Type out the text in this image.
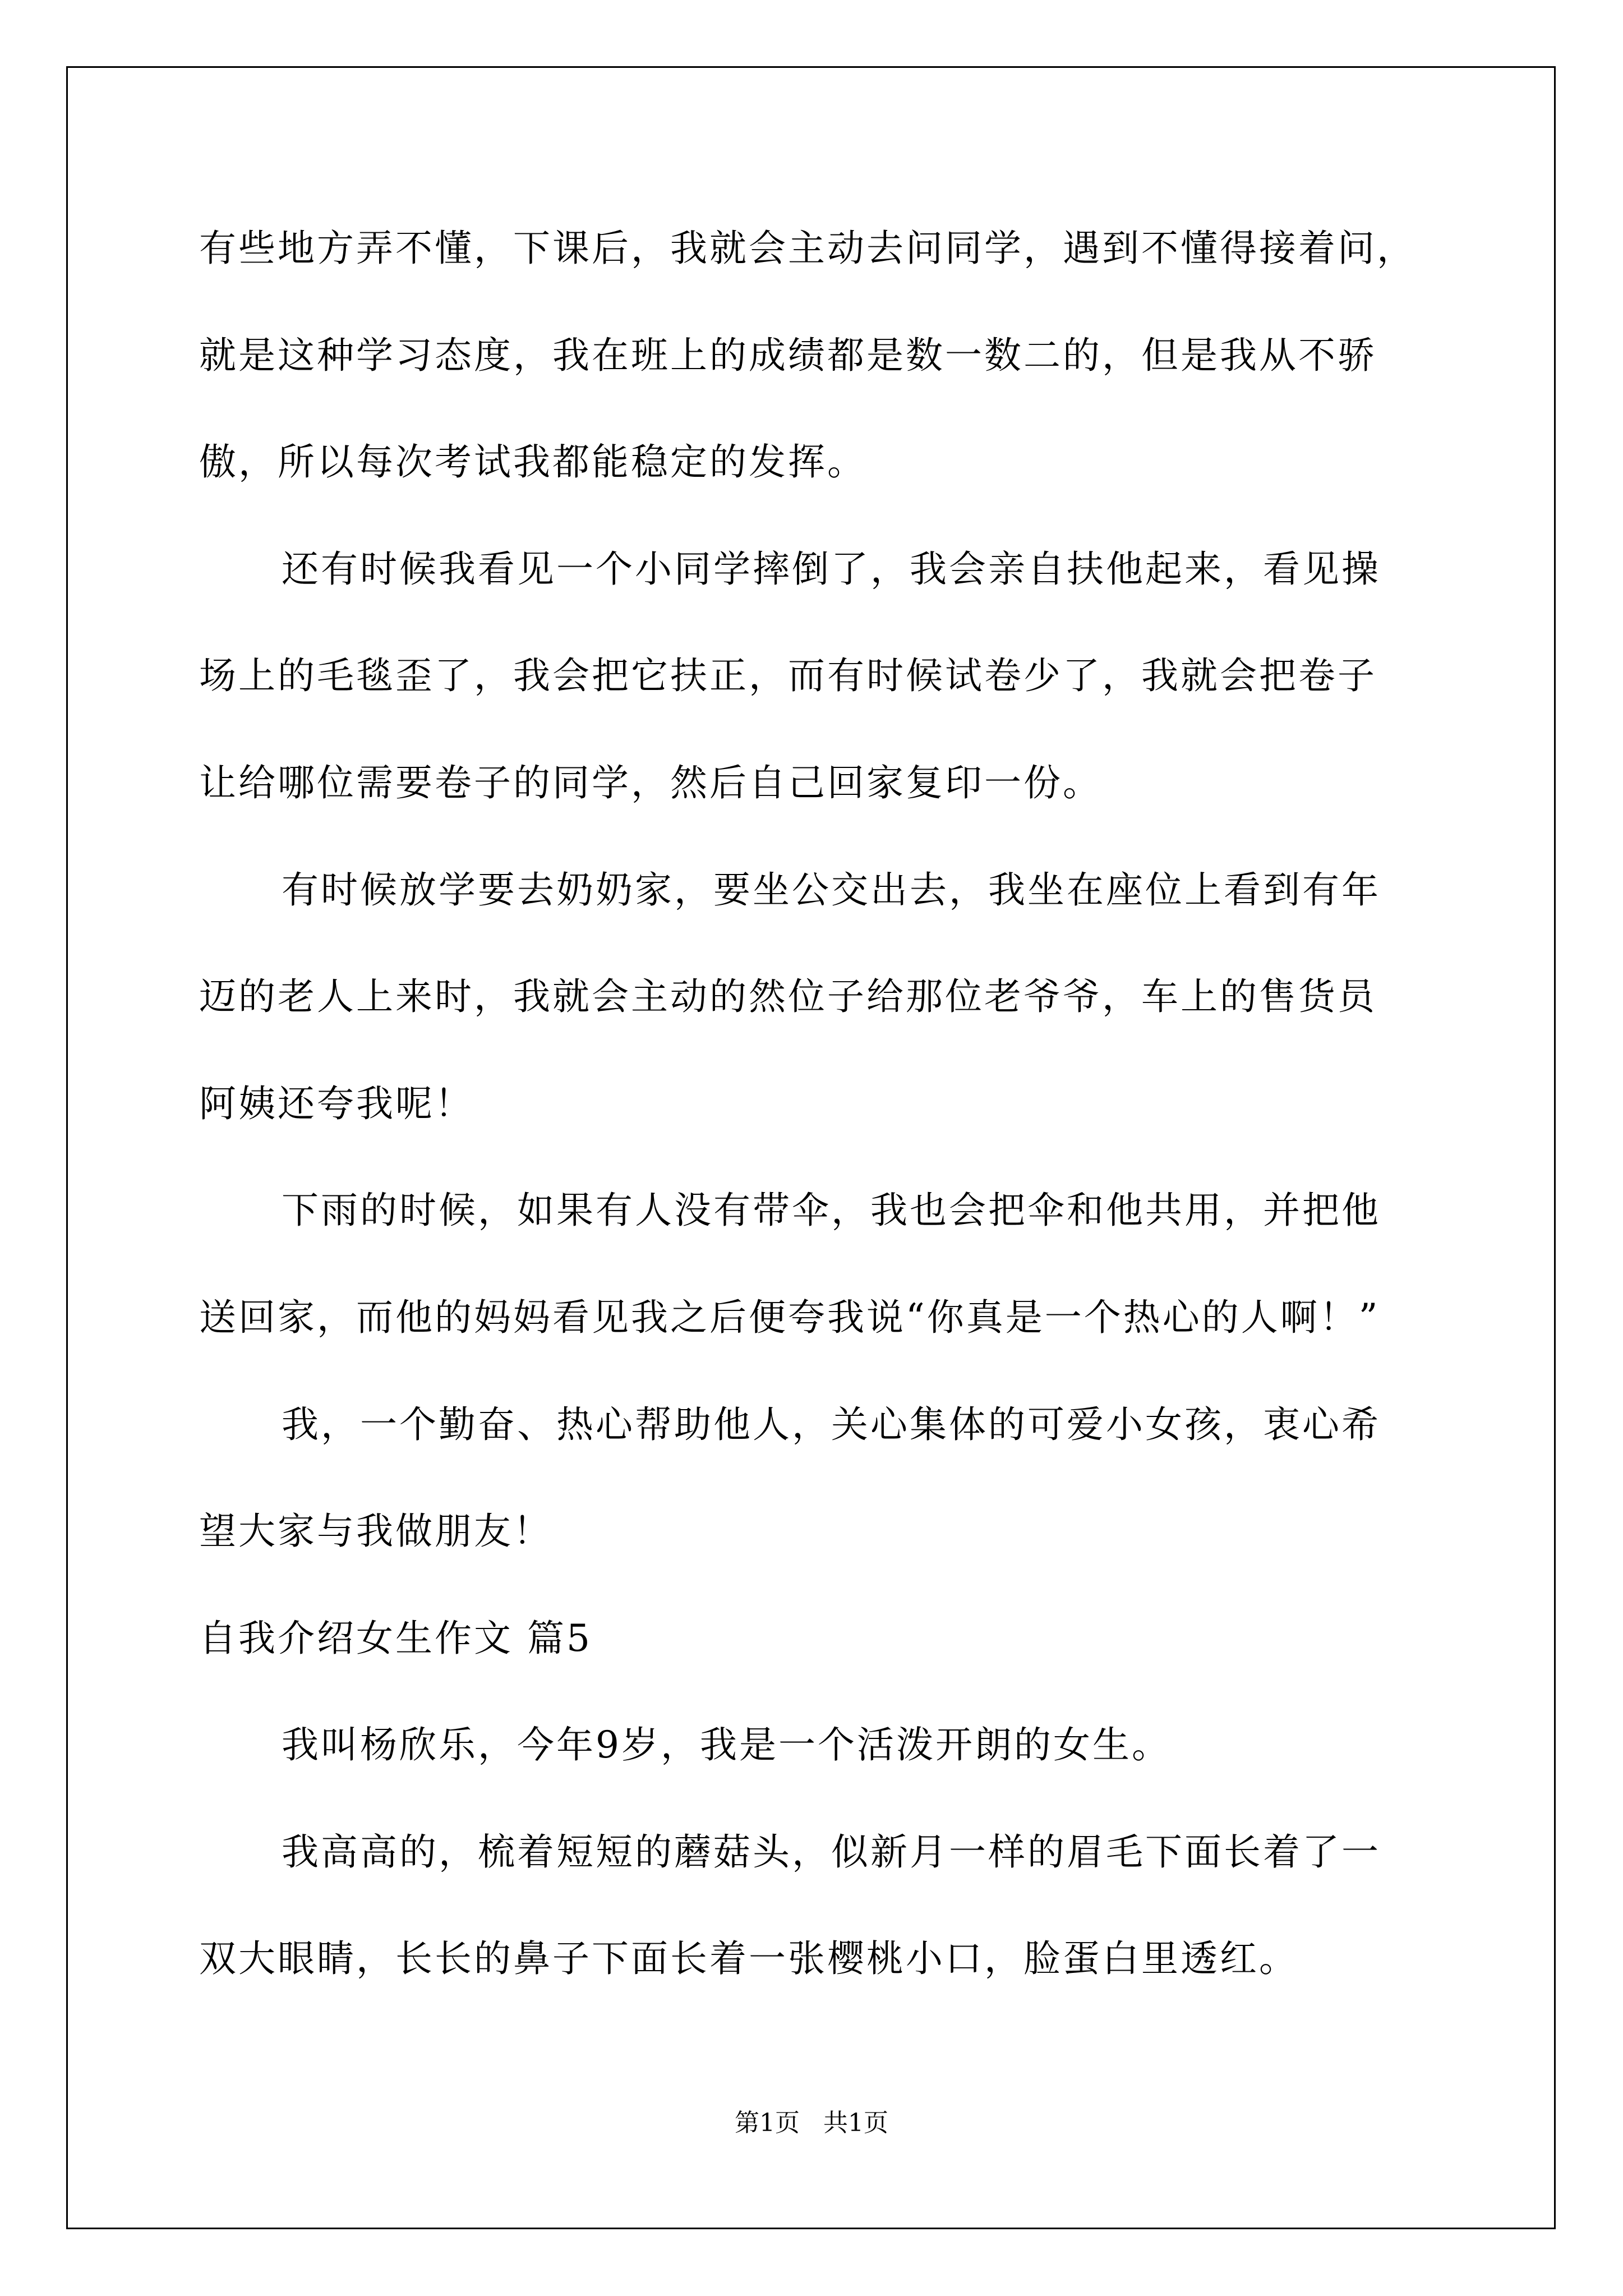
有些地方弄不懂，下课后，我就会主动去问同学，遇到不懂得接着问，

就是这种学习态度，我在班上的成绩都是数一数二的，但是我从不骄

傲，所以每次考试我都能稳定的发挥。

还有时候我看见一个小同学摔倒了，我会亲自扶他起来，看见操

场上的毛毯歪了，我会把它扶正，而有时候试卷少了，我就会把卷子

让给哪位需要卷子的同学，然后自己回家复印一份。

有时候放学要去奶奶家，要坐公交出去，我坐在座位上看到有年

迈的老人上来时，我就会主动的然位子给那位老爷爷，车上的售货员

阿姨还夸我呢！

下雨的时候，如果有人没有带伞，我也会把伞和他共用，并把他

送回家，而他的妈妈看见我之后便夸我说“你真是一个热心的人啊！”

我，一个勤奋、热心帮助他人，关心集体的可爱小女孩，衷心希

望大家与我做朋友！

自我介绍女生作文 篇5

我叫杨欣乐，今年9岁，我是一个活泼开朗的女生。

我高高的，梳着短短的蘑菇头，似新月一样的眉毛下面长着了一

双大眼睛，长长的鼻子下面长着一张樱桃小口，脸蛋白里透红。

第1页   共1页
